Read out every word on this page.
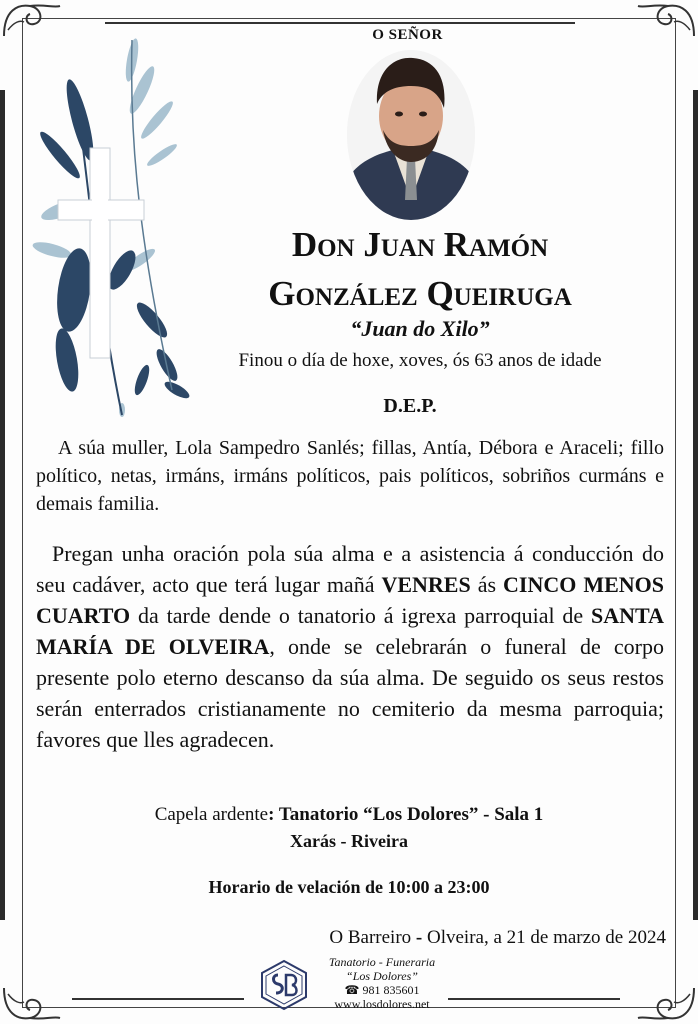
O SEÑOR
Don Juan Ramón
González Queiruga
“Juan do Xilo”
Finou o día de hoxe, xoves, ós 63 anos de idade
D.E.P.
A súa muller, Lola Sampedro Sanlés; fillas, Antía, Débora e Araceli; fillo político, netas, irmáns, irmáns políticos, pais políticos, sobriños curmáns e demais familia.
Pregan unha oración pola súa alma e a asistencia á conducción do seu cadáver, acto que terá lugar mañá VENRES ás CINCO MENOS CUARTO da tarde dende o tanatorio á igrexa parroquial de SANTA MARÍA DE OLVEIRA, onde se celebrarán o funeral de corpo presente polo eterno descanso da súa alma. De seguido os seus restos serán enterrados cristianamente no cemiterio da mesma parroquia; favores que lles agradecen.
Capela ardente: Tanatorio “Los Dolores” - Sala 1
Xarás - Riveira
Horario de velación de 10:00 a 23:00
O Barreiro - Olveira, a 21 de marzo de 2024
Tanatorio - Funeraria
“Los Dolores”
☎ 981 835601
www.losdolores.net
